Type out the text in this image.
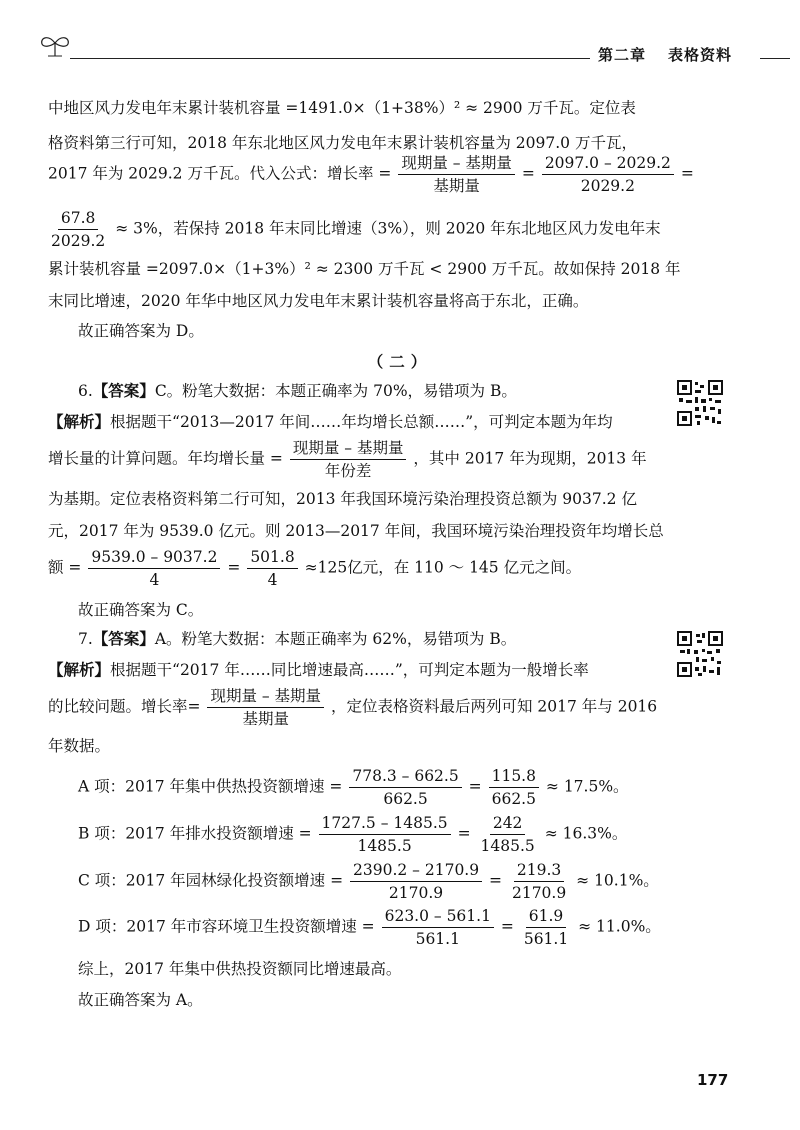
第二章 表格资料
中地区风力发电年末累计装机容量 =1491.0×（1+38%）² ≈ 2900 万千瓦。定位表
格资料第三行可知，2018 年东北地区风力发电年末累计装机容量为 2097.0 万千瓦，
2017 年为 2029.2 万千瓦。代入公式：增长率 = $\frac{\text{现期量 – 基期量}}{\text{基期量}} = \frac{2097.0 - 2029.2}{2029.2}$ =
$\frac{67.8}{2029.2} \approx 3\%$，若保持 2018 年末同比增速（3%），则 2020 年东北地区风力发电年末
累计装机容量 =2097.0×（1+3%）² ≈ 2300 万千瓦 < 2900 万千瓦。故如保持 2018 年
末同比增速，2020 年华中地区风力发电年末累计装机容量将高于东北，正确。
故正确答案为 D。
（二）
6.【答案】C。粉笔大数据：本题正确率为 70%，易错项为 B。
【解析】根据题干“2013—2017 年间……年均增长总额……”，可判定本题为年均
增长量的计算问题。年均增长量 = $\frac{\text{现期量 – 基期量}}{\text{年份差}}$ ，其中 2017 年为现期，2013 年
为基期。定位表格资料第二行可知，2013 年我国环境污染治理投资总额为 9037.2 亿
元，2017 年为 9539.0 亿元。则 2013—2017 年间，我国环境污染治理投资年均增长总
额 = $\frac{9539.0 - 9037.2}{4} = \frac{501.8}{4} \approx 125$亿元，在 110 ～ 145 亿元之间。
故正确答案为 C。
7.【答案】A。粉笔大数据：本题正确率为 62%，易错项为 B。
【解析】根据题干“2017 年……同比增速最高……”，可判定本题为一般增长率
的比较问题。增长率= $\frac{\text{现期量 – 基期量}}{\text{基期量}}$ ，定位表格资料最后两列可知 2017 年与 2016
年数据。
A 项：2017 年集中供热投资额增速 = $\frac{778.3 - 662.5}{662.5} = \frac{115.8}{662.5} \approx 17.5\%$。
B 项：2017 年排水投资额增速 = $\frac{1727.5 - 1485.5}{1485.5} = \frac{242}{1485.5} \approx 16.3\%$。
C 项：2017 年园林绿化投资额增速 = $\frac{2390.2 - 2170.9}{2170.9} = \frac{219.3}{2170.9} \approx 10.1\%$。
D 项：2017 年市容环境卫生投资额增速 = $\frac{623.0 - 561.1}{561.1} = \frac{61.9}{561.1} \approx 11.0\%$。
综上，2017 年集中供热投资额同比增速最高。
故正确答案为 A。
177
